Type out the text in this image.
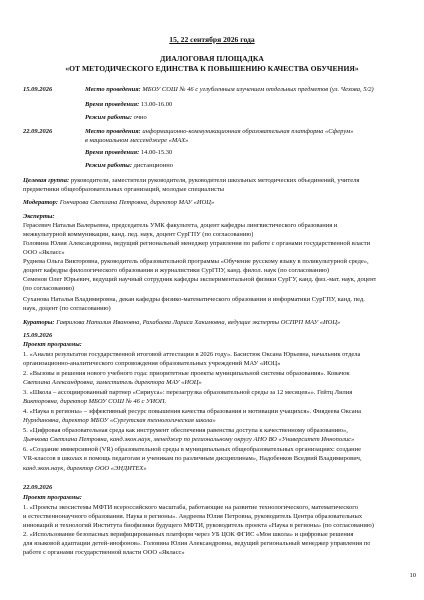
15, 22 сентября 2026 года
ДИАЛОГОВАЯ ПЛОЩАДКА
«ОТ МЕТОДИЧЕСКОГО ЕДИНСТВА К ПОВЫШЕНИЮ КАЧЕСТВА ОБУЧЕНИЯ»
15.09.2026	Место проведения: МБОУ СОШ № 46 с углубленным изучением отдельных предметов (ул. Чехова, 5/2)
Время проведения: 13.00-16.00
Режим работы: очно
22.09.2026	Место проведения: информационно-коммуникационная образовательная платформа «Сферум»
в национальном мессенджере «MAX»
Время проведения: 14.00-15.30
Режим работы: дистанционно
Целевая группа: руководители, заместители руководителя, руководители школьных методических объединений, учителя
предметники общеобразовательных организаций, молодые специалисты
Модератор: Гончарова Светлана Петровна, директор МАУ «ИОЦ»
Эксперты:
Герасевич Наталья Валерьевна, председатель УМК факультета, доцент кафедры лингвистического образования и
межкультурной коммуникации, канд. пед. наук, доцент СурГПУ (по согласованию)
Головина Юлия Александровна, ведущий региональный менеджер управления по работе с органами государственной власти
ООО «Якласс»
Руднева Ольга Викторовна, руководитель образовательной программы «Обучение русскому языку в поликультурной среде»,
доцент кафедры филологического образования и журналистики СурГПУ, канд. филол. наук (по согласованию)
Семенов Олег Юрьевич, ведущий научный сотрудник кафедры экспериментальной физики СурГУ, канд. физ.-мат. наук, доцент
(по согласованию)
Суханова Наталья Владимировна, декан кафедры физико-математического образования и информатики СурГПУ, канд. пед.
наук, доцент (по согласованию)
Кураторы: Гаврилова Наталия Ивановна, Рахабаева Лариса Хакимовна, ведущие эксперты ОСПРП МАУ «ИОЦ»
15.09.2026
Проект программы:
1. «Анализ результатов государственной итоговой аттестации в 2026 году». Басистюк Оксана Юрьевна, начальник отдела
организационно-аналитического сопровождения образовательных учреждений МАУ «ИОЦ»
2. «Вызовы и решения нового учебного года: приоритетные проекты муниципальной системы образования». Ковачок
Светлана Александровна, заместитель директора МАУ «ИОЦ»
3. «Школа – ассоциированный партнер «Сириуса»: перезагрузка образовательной среды за 12 месяцев»». Гейтц Лилия
Викторовна, директор МБОУ СОШ № 46 с УИОП.
4. «Наука в регионы» – эффективный ресурс повышения качества образования и мотивации учащихся». Фиядеева Оксана
Нурлдиновна, директор МБОУ «Сургутская технологическая школа»
5. «Цифровая образовательная среда как инструмент обеспечения равенства доступа к качественному образованию»,
Дьячкова Светлана Петровна, канд.экон.наук, менеджер по региональному округу АНО ВО «Университет Иннополис»
6. «Создание иммерсивной (VR) образовательной среды в муниципальных общеобразовательных организациях: создание
VR-классов в школах в помощь педагогам и ученикам по различным дисциплинам», Надобенков Вседвий Владимирович,
канд.экон.наук, директор ООО «ЭНДИТЕХ»
22.09.2026
Проект программы:
1. «Проекты экосистемы МФТИ всероссийского масштаба, работающие на развитие технологического, математического
и естественнонаучного образования. Наука в регионы». Андреева Юлия Петровна, руководитель Центра образовательных
инноваций и технологий Института биофизики будущего МФТИ, руководитель проекта «Наука в регионы» (по согласованию)
2. «Использование безопасных верифицированных платформ через УБ ЦОК ФГИС «Моя школа» и цифровые решения
для языковой адаптации детей-инофонов». Головина Юлия Александровна, ведущий региональный менеджер управления по
работе с органами государственной власти ООО «Якласс»
10
